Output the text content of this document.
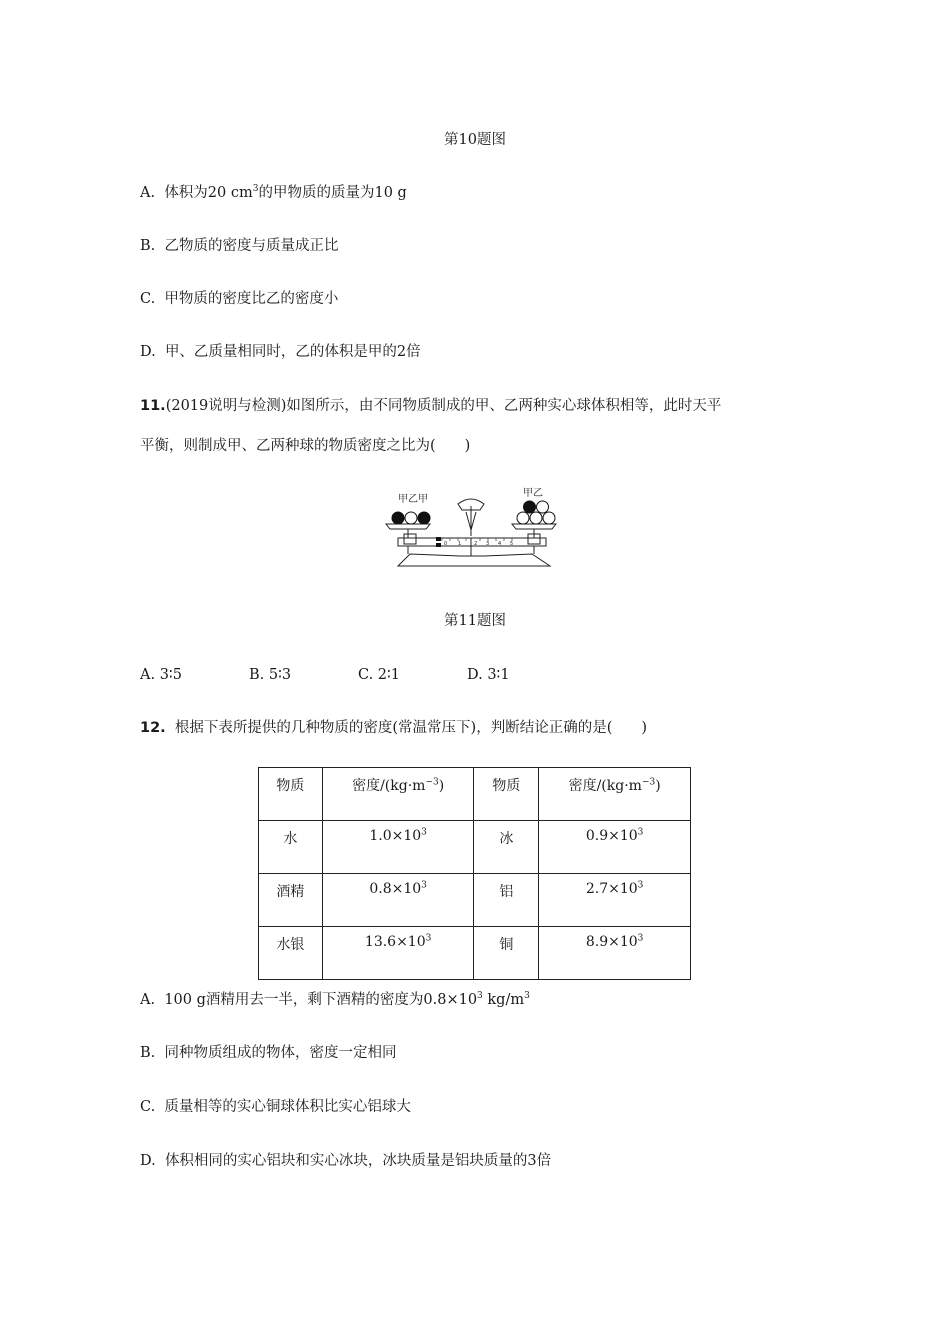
第10题图
A. 体积为20 $cm^3$的甲物质的质量为10 g
B. 乙物质的密度与质量成正比
C. 甲物质的密度比乙的密度小
D. 甲、乙质量相同时，乙的体积是甲的2倍
11.(2019说明与检测)如图所示，由不同物质制成的甲、乙两种实心球体积相等，此时天平
平衡，则制成甲、乙两种球的物质密度之比为(　　)
0 1	2 3 4 5
甲乙甲
甲乙
第11题图
A. 3∶5	B. 5∶3	C. 2∶1	D. 3∶1
12. 根据下表所提供的几种物质的密度(常温常压下)，判断结论正确的是(　　)
物质	密度$/(kg\cdot m^{-3})$	物质	密度$/(kg\cdot m^{-3})$
水	$1.0\times 10^3$	冰	$0.9\times 10^3$
酒精	$0.8\times 10^3$	铝	$2.7\times 10^3$
水银	$13.6\times 10^3$	铜	$8.9\times 10^3$
A. 100 g酒精用去一半，剩下酒精的密度为$0.8\times 10^3$ $kg/m^3$
B. 同种物质组成的物体，密度一定相同
C. 质量相等的实心铜球体积比实心铝球大
D. 体积相同的实心铝块和实心冰块，冰块质量是铝块质量的3倍
